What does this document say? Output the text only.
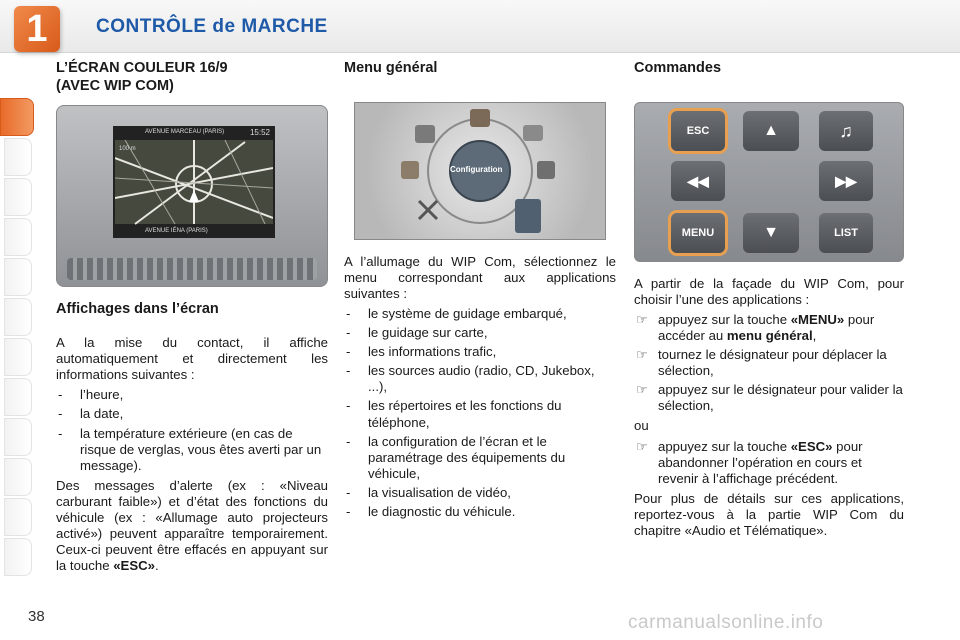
1	CONTRÔLE de MARCHE
L’ÉCRAN COULEUR 16/9
(AVEC WIP COM)
AVENUE MARCEAU (PARIS)	15:52
100 m
AVENUE IÉNA (PARIS)
Affichages dans l’écran

A la mise du contact, il affiche automatiquement et directement les informations suivantes :

- l’heure,
- la date,
- la température extérieure (en cas de risque de verglas, vous êtes averti par un message).

Des messages d’alerte (ex : «Niveau carburant faible») et d’état des fonctions du véhicule (ex : «Allumage auto projecteurs activé») peuvent apparaître temporairement. Ceux-ci peuvent être effacés en appuyant sur la touche «ESC».

Menu général
Configuration

A l’allumage du WIP Com, sélectionnez le menu correspondant aux applications suivantes :

- le système de guidage embarqué,
- le guidage sur carte,
- les informations trafic,
- les sources audio (radio, CD, Jukebox, ...),
- les répertoires et les fonctions du téléphone,
- la configuration de l’écran et le paramétrage des équipements du véhicule,
- la visualisation de vidéo,
- le diagnostic du véhicule.
Commandes
ESC	▲	♫
◀◀	▶▶
MENU	▼	LIST

A partir de la façade du WIP Com, pour choisir l’une des applications :

☞ appuyez sur la touche «MENU» pour accéder au menu général,
☞ tournez le désignateur pour déplacer la sélection,
☞ appuyez sur le désignateur pour valider la sélection,

ou

☞ appuyez sur la touche «ESC» pour abandonner l’opération en cours et revenir à l’affichage précédent.

Pour plus de détails sur ces applications, reportez-vous à la partie WIP Com du chapitre «Audio et Télématique».

38	carmanualsonline.info
